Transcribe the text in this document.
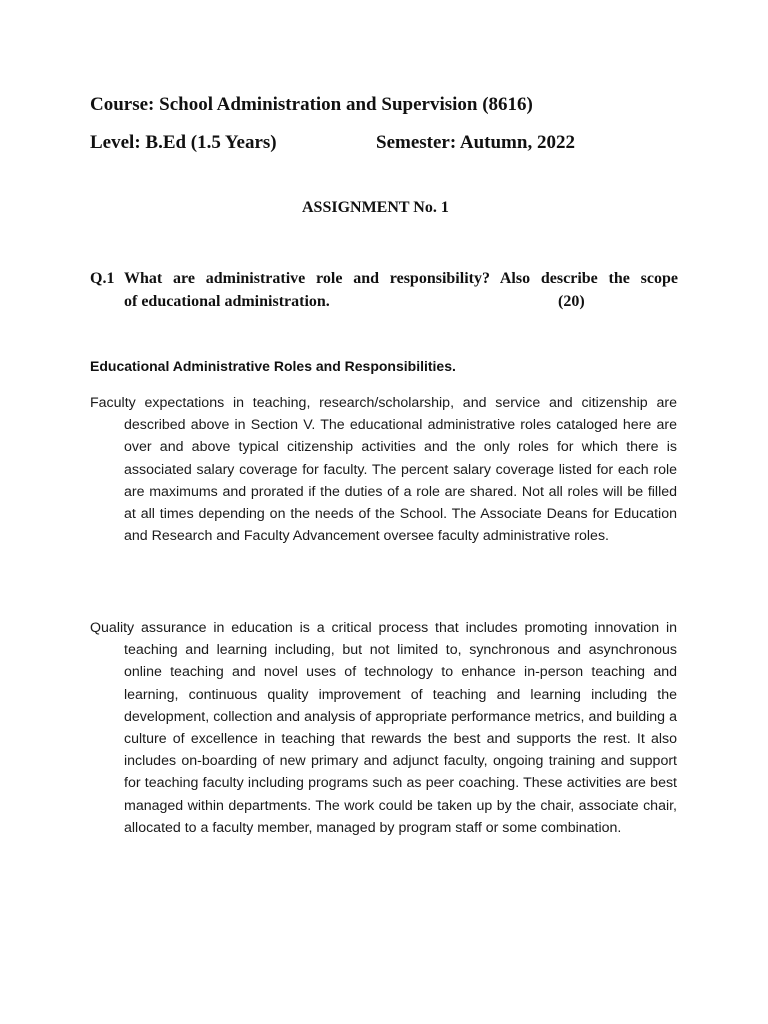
Course: School Administration and Supervision (8616)
Level: B.Ed (1.5 Years)	Semester: Autumn, 2022
ASSIGNMENT No. 1
Q.1 What are administrative role and responsibility? Also describe the scope
of educational administration.	(20)
Educational Administrative Roles and Responsibilities.

Faculty expectations in teaching, research/scholarship, and service and citizenship are described above in Section V. The educational administrative roles cataloged here are over and above typical citizenship activities and the only roles for which there is associated salary coverage for faculty. The percent salary coverage listed for each role are maximums and prorated if the duties of a role are shared. Not all roles will be filled at all times depending on the needs of the School. The Associate Deans for Education and Research and Faculty Advancement oversee faculty administrative roles.

Quality assurance in education is a critical process that includes promoting innovation in teaching and learning including, but not limited to, synchronous and asynchronous online teaching and novel uses of technology to enhance in-person teaching and learning, continuous quality improvement of teaching and learning including the development, collection and analysis of appropriate performance metrics, and building a culture of excellence in teaching that rewards the best and supports the rest. It also includes on-boarding of new primary and adjunct faculty, ongoing training and support for teaching faculty including programs such as peer coaching. These activities are best managed within departments. The work could be taken up by the chair, associate chair, allocated to a faculty member, managed by program staff or some combination.
